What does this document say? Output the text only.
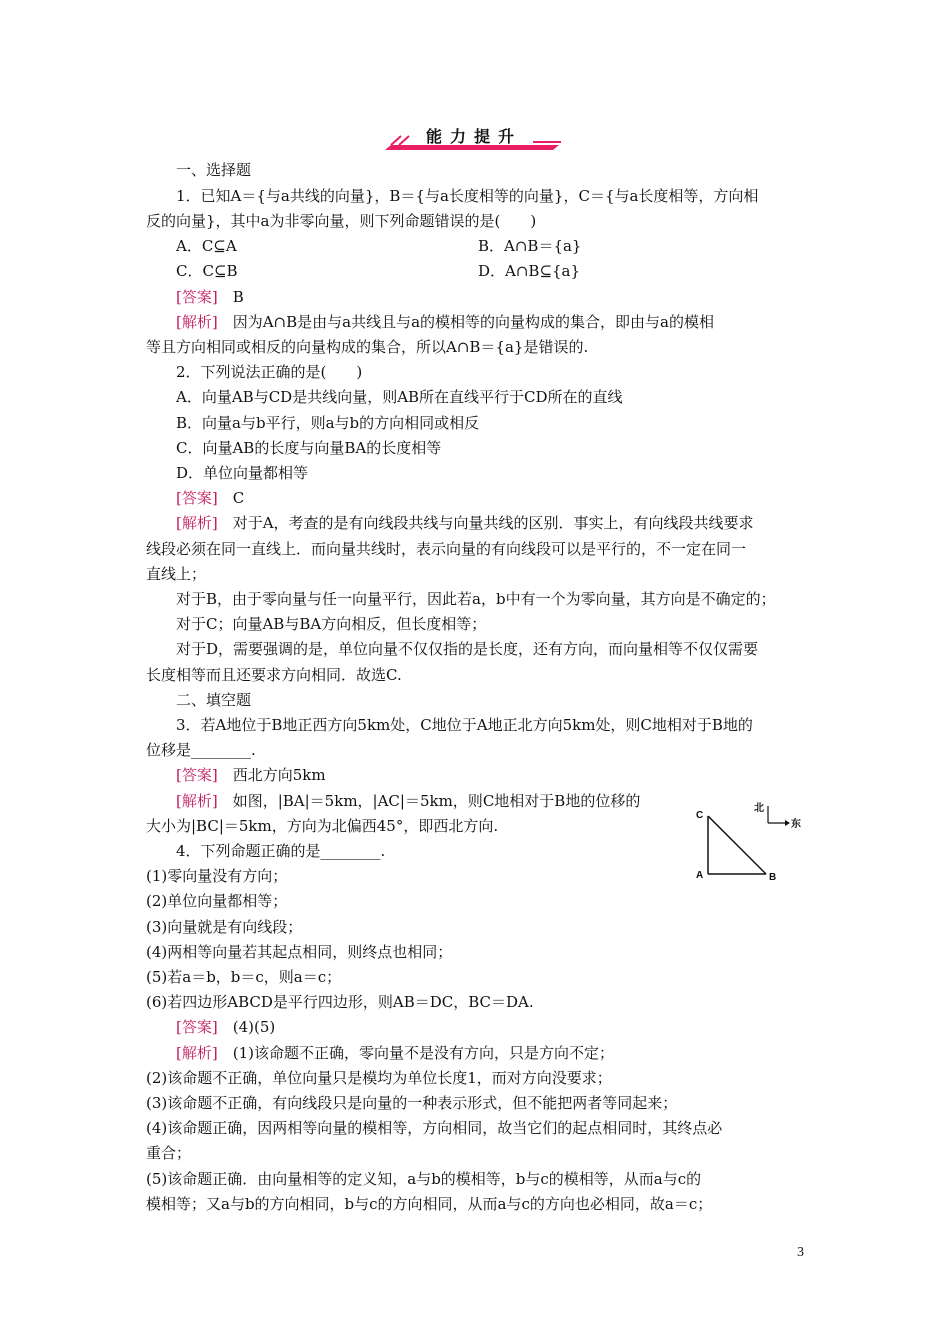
能力提升
一、选择题
1．已知A＝{与a共线的向量}，B＝{与a长度相等的向量}，C＝{与a长度相等，方向相
反的向量}，其中a为非零向量，则下列命题错误的是(　　)
A．C⊆A	B．A∩B＝{a}
C．C⊆B	D．A∩B⊆{a}
[答案]　B
[解析]　因为A∩B是由与a共线且与a的模相等的向量构成的集合，即由与a的模相
等且方向相同或相反的向量构成的集合，所以A∩B＝{a}是错误的.
2．下列说法正确的是(　　)
A．向量AB与CD是共线向量，则AB所在直线平行于CD所在的直线
B．向量a与b平行，则a与b的方向相同或相反
C．向量AB的长度与向量BA的长度相等
D．单位向量都相等
[答案]　C
[解析]　对于A，考查的是有向线段共线与向量共线的区别．事实上，有向线段共线要求
线段必须在同一直线上．而向量共线时，表示向量的有向线段可以是平行的，不一定在同一
直线上；
对于B，由于零向量与任一向量平行，因此若a，b中有一个为零向量，其方向是不确定的；
对于C；向量AB与BA方向相反，但长度相等；
对于D，需要强调的是，单位向量不仅仅指的是长度，还有方向，而向量相等不仅仅需要
长度相等而且还要求方向相同．故选C.
二、填空题
3．若A地位于B地正西方向5km处，C地位于A地正北方向5km处，则C地相对于B地的
位移是________.
[答案]　西北方向5km
[解析]　如图，|BA|＝5km，|AC|＝5km，则C地相对于B地的位移的
大小为|BC|＝5km，方向为北偏西45°，即西北方向.
4．下列命题正确的是________.
(1)零向量没有方向；
(2)单位向量都相等；
(3)向量就是有向线段；
(4)两相等向量若其起点相同，则终点也相同；
(5)若a＝b，b＝c，则a＝c；
(6)若四边形ABCD是平行四边形，则AB＝DC，BC＝DA.
[答案]　(4)(5)
[解析]　(1)该命题不正确，零向量不是没有方向，只是方向不定；
(2)该命题不正确，单位向量只是模均为单位长度1，而对方向没要求；
(3)该命题不正确，有向线段只是向量的一种表示形式，但不能把两者等同起来；
(4)该命题正确，因两相等向量的模相等，方向相同，故当它们的起点相同时，其终点必
重合；
(5)该命题正确．由向量相等的定义知，a与b的模相等，b与c的模相等，从而a与c的
模相等；又a与b的方向相同，b与c的方向相同，从而a与c的方向也必相同，故a＝c；
C
A	B
北
东
3
